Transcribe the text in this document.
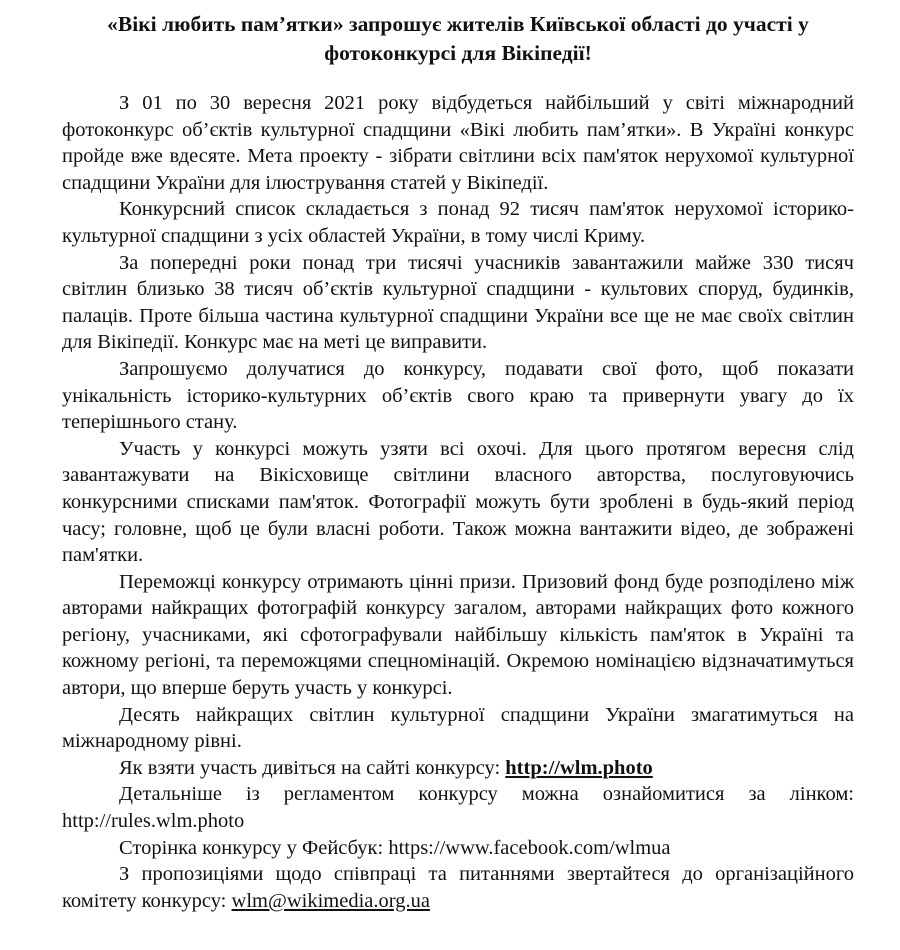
«Вікі любить пам’ятки» запрошує жителів Київської області до участі у фотоконкурсі для Вікіпедії!

З 01 по 30 вересня 2021 року відбудеться найбільший у світі міжнародний фотоконкурс об’єктів культурної спадщини «Вікі любить пам’ятки». В Україні конкурс пройде вже вдесяте. Мета проекту - зібрати світлини всіх пам'яток нерухомої культурної спадщини України для ілюстрування статей у Вікіпедії.

Конкурсний список складається з понад 92 тисяч пам'яток нерухомої історико-культурної спадщини з усіх областей України, в тому числі Криму.

За попередні роки понад три тисячі учасників завантажили майже 330 тисяч світлин близько 38 тисяч об’єктів культурної спадщини - культових споруд, будинків, палаців. Проте більша частина культурної спадщини України все ще не має своїх світлин для Вікіпедії. Конкурс має на меті це виправити.

Запрошуємо долучатися до конкурсу, подавати свої фото, щоб показати унікальність історико-культурних об’єктів свого краю та привернути увагу до їх теперішнього стану.

Участь у конкурсі можуть узяти всі охочі. Для цього протягом вересня слід завантажувати на Вікісховище світлини власного авторства, послуговуючись конкурсними списками пам'яток. Фотографії можуть бути зроблені в будь-який період часу; головне, щоб це були власні роботи. Також можна вантажити відео, де зображені пам'ятки.

Переможці конкурсу отримають цінні призи. Призовий фонд буде розподілено між авторами найкращих фотографій конкурсу загалом, авторами найкращих фото кожного регіону, учасниками, які сфотографували найбільшу кількість пам'яток в Україні та кожному регіоні, та переможцями спецномінацій. Окремою номінацією відзначатимуться автори, що вперше беруть участь у конкурсі.

Десять найкращих світлин культурної спадщини України змагатимуться на міжнародному рівні.

Як взяти участь дивіться на сайті конкурсу: http://wlm.photo

Детальніше із регламентом конкурсу можна ознайомитися за лінком: http://rules.wlm.photo

Сторінка конкурсу у Фейсбук: https://www.facebook.com/wlmua

З пропозиціями щодо співпраці та питаннями звертайтеся до організаційного комітету конкурсу: wlm@wikimedia.org.ua
